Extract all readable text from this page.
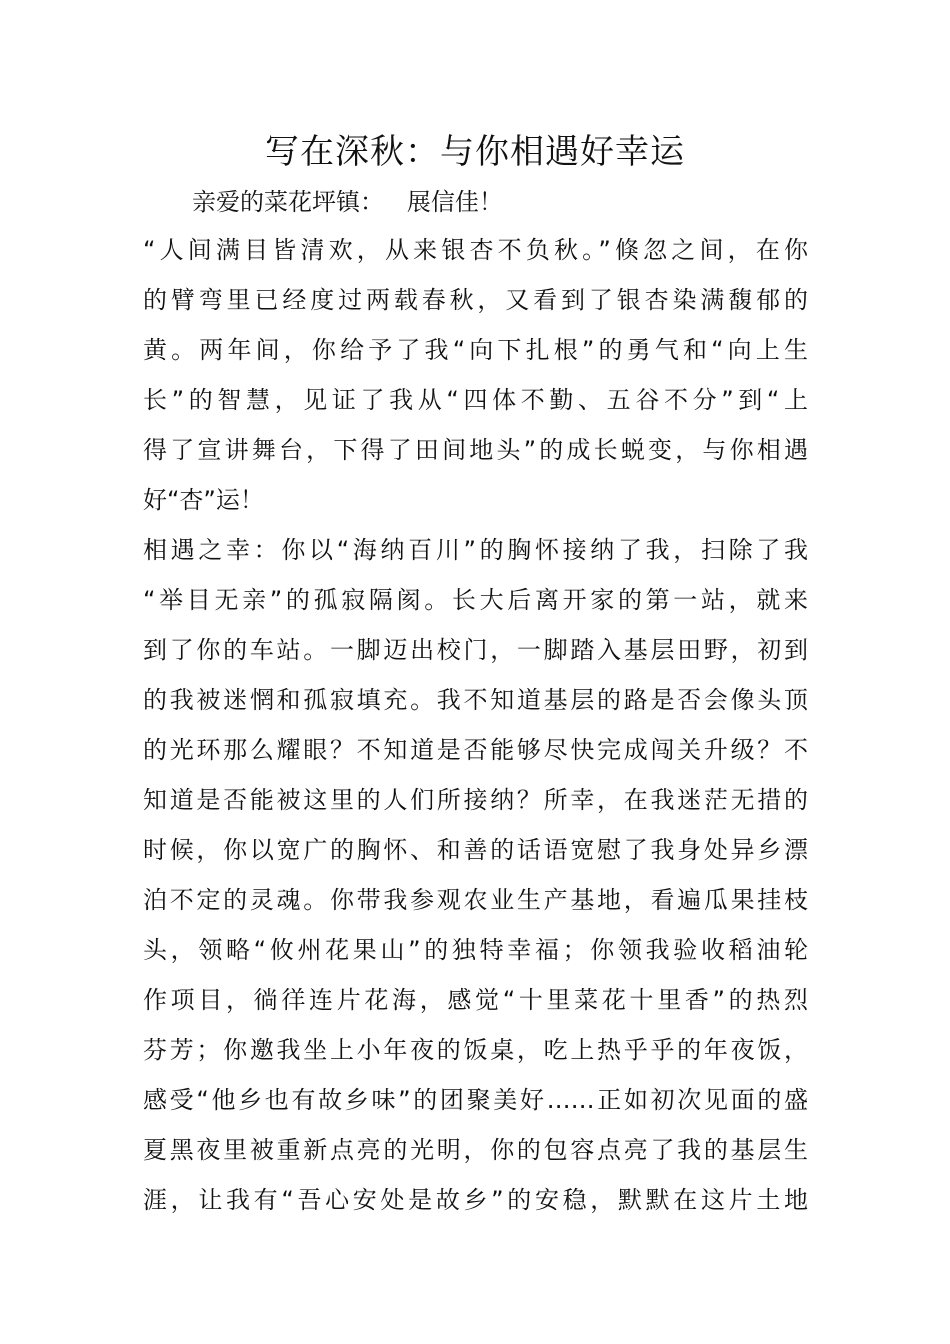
写在深秋：与你相遇好幸运
亲爱的菜花坪镇：   展信佳！
“人间满目皆清欢，从来银杏不负秋。”倏忽之间，在你
的臂弯里已经度过两载春秋，又看到了银杏染满馥郁的
黄。两年间，你给予了我“向下扎根”的勇气和“向上生
长”的智慧，见证了我从“四体不勤、五谷不分”到“上
得了宣讲舞台，下得了田间地头”的成长蜕变，与你相遇
好“杏”运！
相遇之幸：你以“海纳百川”的胸怀接纳了我，扫除了我
“举目无亲”的孤寂隔阂。长大后离开家的第一站，就来
到了你的车站。一脚迈出校门，一脚踏入基层田野，初到
的我被迷惘和孤寂填充。我不知道基层的路是否会像头顶
的光环那么耀眼？不知道是否能够尽快完成闯关升级？不
知道是否能被这里的人们所接纳？所幸，在我迷茫无措的
时候，你以宽广的胸怀、和善的话语宽慰了我身处异乡漂
泊不定的灵魂。你带我参观农业生产基地，看遍瓜果挂枝
头，领略“攸州花果山”的独特幸福；你领我验收稻油轮
作项目，徜徉连片花海，感觉“十里菜花十里香”的热烈
芬芳；你邀我坐上小年夜的饭桌，吃上热乎乎的年夜饭，
感受“他乡也有故乡味”的团聚美好……正如初次见面的盛
夏黑夜里被重新点亮的光明，你的包容点亮了我的基层生
涯，让我有“吾心安处是故乡”的安稳，默默在这片土地
